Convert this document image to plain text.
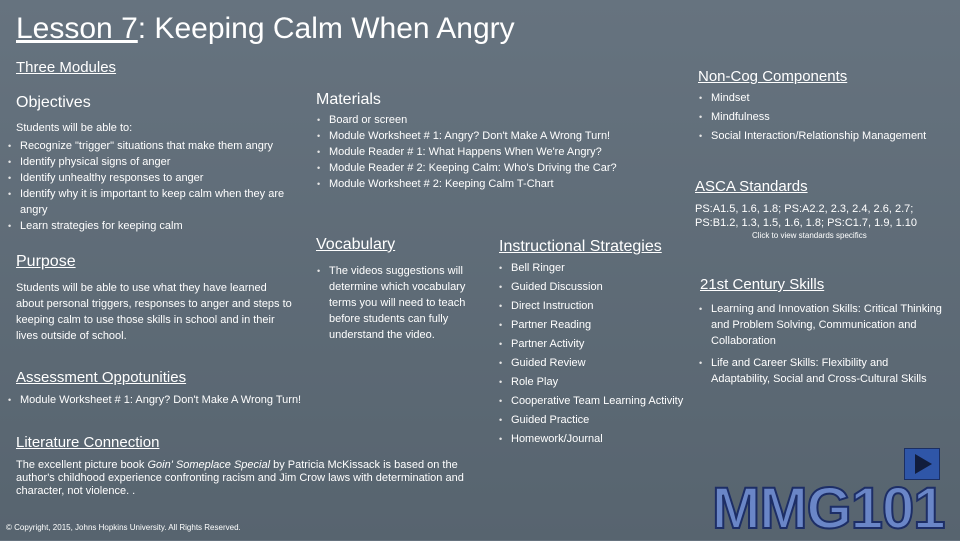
Lesson 7: Keeping Calm When Angry
Three Modules
Objectives
Students will be able to:
• Recognize "trigger" situations that make them angry
• Identify physical signs of anger
• Identify unhealthy responses to anger
• Identify why it is important to keep calm when they are angry
• Learn strategies for keeping calm
Purpose
Students will be able to use what they have learned about personal triggers, responses to anger and steps to keeping calm to use those skills in school and in their lives outside of school.
Assessment Oppotunities
• Module Worksheet # 1: Angry? Don't Make A Wrong Turn!
Literature Connection
The excellent picture book Goin' Someplace Special by Patricia McKissack is based on the author's childhood experience confronting racism and Jim Crow laws with determination and character, not violence. .
© Copyright, 2015, Johns Hopkins University. All Rights Reserved.
Materials
• Board or screen
• Module Worksheet # 1: Angry? Don't Make A Wrong Turn!
• Module Reader # 1: What Happens When We're Angry?
• Module Reader # 2: Keeping Calm: Who's Driving the Car?
• Module Worksheet # 2: Keeping Calm T-Chart
Vocabulary
• The videos suggestions will determine which vocabulary terms you will need to teach before students can fully understand the video.
Instructional Strategies
• Bell Ringer
• Guided Discussion
• Direct Instruction
• Partner Reading
• Partner Activity
• Guided Review
• Role Play
• Cooperative Team Learning Activity
• Guided Practice
• Homework/Journal
Non-Cog Components
• Mindset
• Mindfulness
• Social Interaction/Relationship Management
ASCA Standards
PS:A1.5, 1.6, 1.8; PS:A2.2, 2.3, 2.4, 2.6, 2.7; PS:B1.2, 1.3, 1.5, 1.6, 1.8; PS:C1.7, 1.9, 1.10
Click to view standards specifics
21st Century Skills
• Learning and Innovation Skills: Critical Thinking and Problem Solving, Communication and Collaboration
• Life and Career Skills: Flexibility and Adaptability, Social and Cross-Cultural Skills
MMG101
